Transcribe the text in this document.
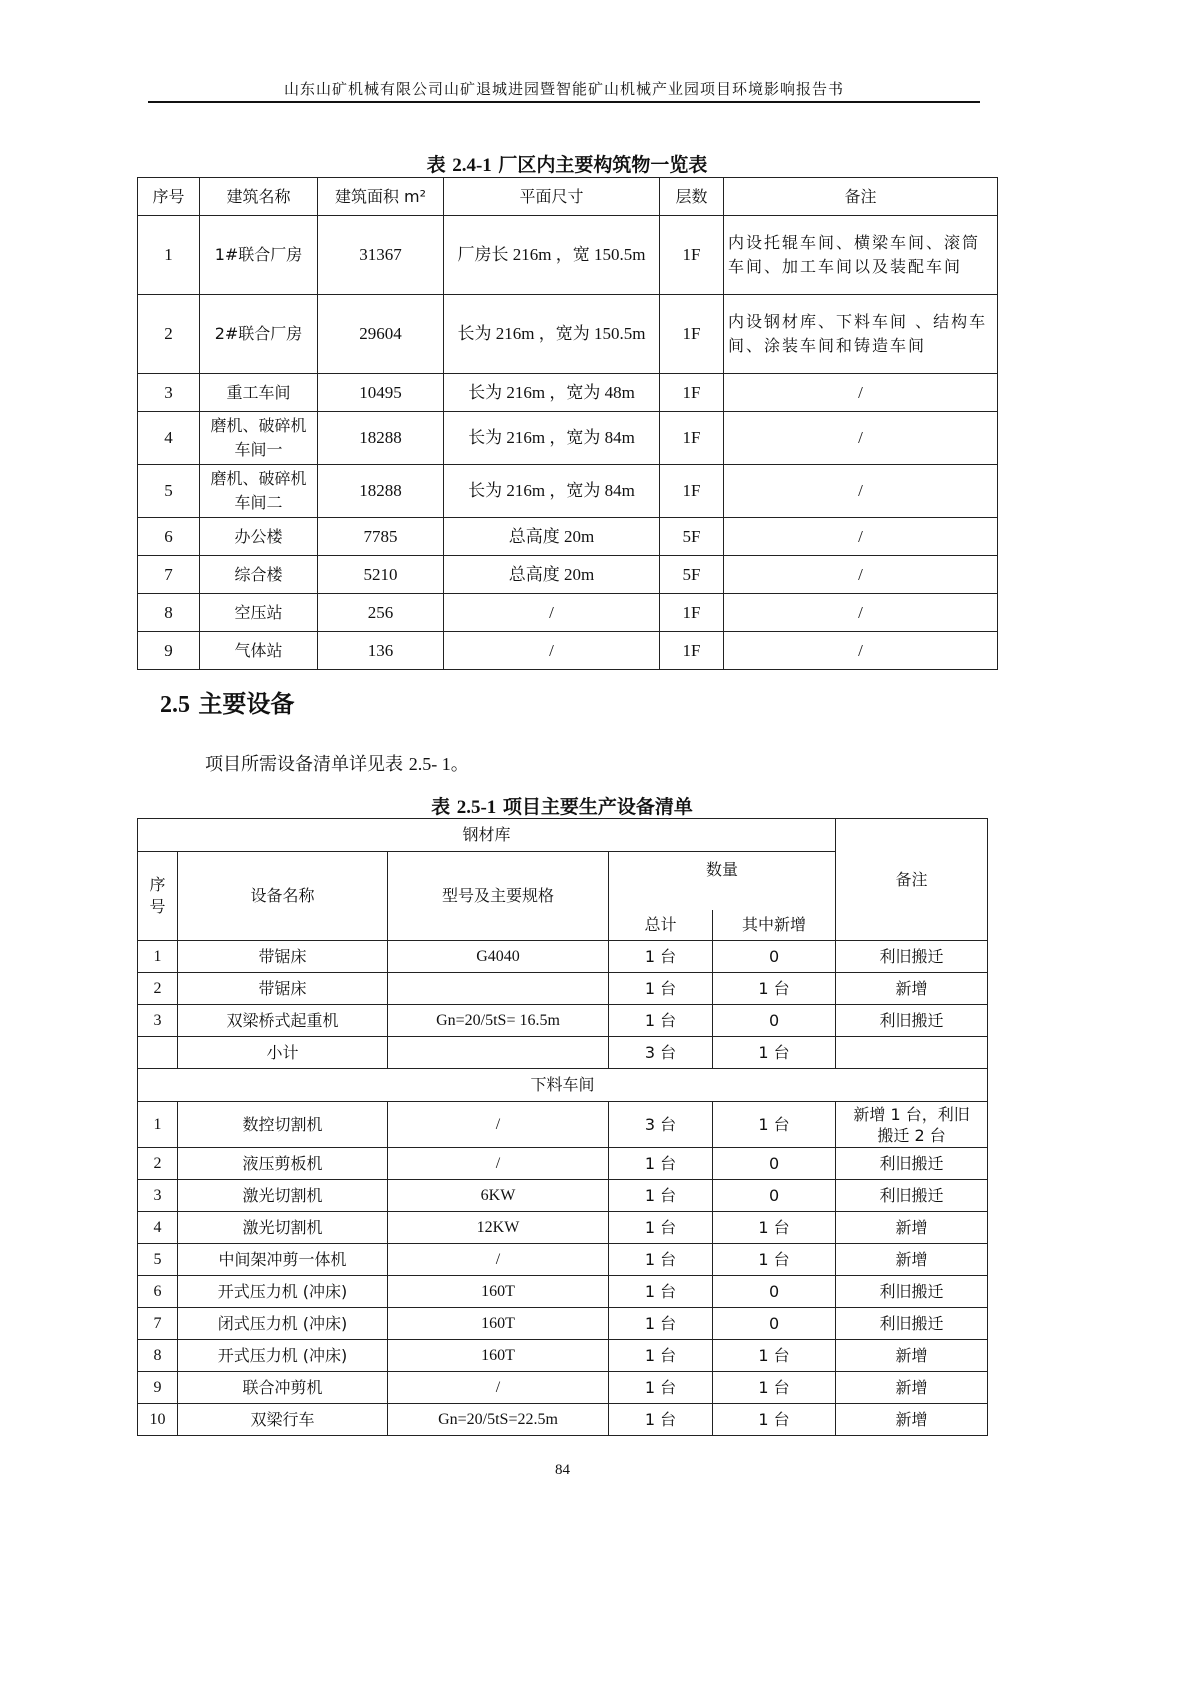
山东山矿机械有限公司山矿退城进园暨智能矿山机械产业园项目环境影响报告书
表 2.4-1 厂区内主要构筑物一览表
序号	建筑名称	建筑面积 m²	平面尺寸	层数	备注
1	1#联合厂房	31367	厂房长 216m ，宽 150.5m	1F	内设托辊车间、横梁车间、滚筒车间、加工车间以及装配车间
2	2#联合厂房	29604	长为 216m ，宽为 150.5m	1F	内设钢材库、下料车间 、结构车间、涂装车间和铸造车间
3	重工车间	10495	长为 216m ，宽为 48m	1F	/
4	磨机、破碎机车间一	18288	长为 216m ，宽为 84m	1F	/
5	磨机、破碎机车间二	18288	长为 216m ，宽为 84m	1F	/
6	办公楼	7785	总高度 20m	5F	/
7	综合楼	5210	总高度 20m	5F	/
8	空压站	256	/	1F	/
9	气体站	136	/	1F	/
2.5 主要设备
项目所需设备清单详见表 2.5- 1。
表 2.5-1 项目主要生产设备清单
钢材库					备注
序号	设备名称	型号及主要规格	数量		
			总计	其中新增	
1	带锯床	G4040	1 台	0	利旧搬迁
2	带锯床		1 台	1 台	新增
3	双梁桥式起重机	Gn=20/5tS= 16.5m	1 台	0	利旧搬迁
	小计		3 台	1 台	
下料车间					
1	数控切割机	/	3 台	1 台	新增 1 台，利旧搬迁 2 台
2	液压剪板机	/	1 台	0	利旧搬迁
3	激光切割机	6KW	1 台	0	利旧搬迁
4	激光切割机	12KW	1 台	1 台	新增
5	中间架冲剪一体机	/	1 台	1 台	新增
6	开式压力机 (冲床)	160T	1 台	0	利旧搬迁
7	闭式压力机 (冲床)	160T	1 台	0	利旧搬迁
8	开式压力机 (冲床)	160T	1 台	1 台	新增
9	联合冲剪机	/	1 台	1 台	新增
10	双梁行车	Gn=20/5tS=22.5m	1 台	1 台	新增
84
